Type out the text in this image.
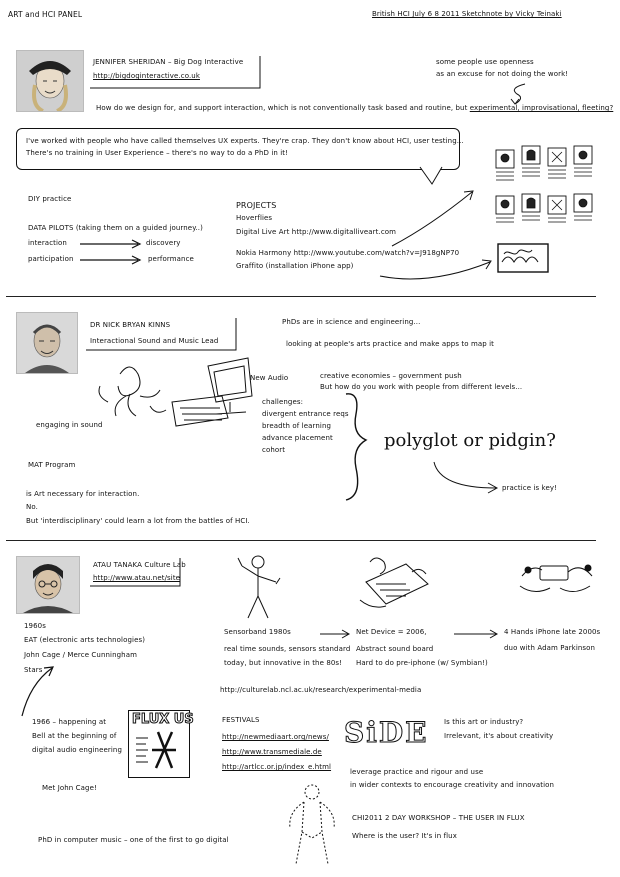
ART and HCI PANEL	British HCI July 6 8 2011 Sketchnote by Vicky Teinaki
JENNIFER SHERIDAN – Big Dog Interactive
http://bigdoginteractive.co.uk
some people use openness
as an excuse for not doing the work!
How do we design for, and support interaction, which is not conventionally task based and routine, but experimental, improvisational, fleeting?
I've worked with people who have called themselves UX experts. They're crap. They don't know about HCI, user testing...
There's no training in User Experience – there's no way to do a PhD in it!
DIY practice
DATA PILOTS (taking them on a guided journey..)
interaction	discovery
participation	performance
PROJECTS
Hoverflies
Digital Live Art http://www.digitalliveart.com
Nokia Harmony http://www.youtube.com/watch?v=J918gNP70
Graffito (installation iPhone app)
DR NICK BRYAN KINNS
Interactional Sound and Music Lead
PhDs are in science and engineering...
looking at people's arts practice and make apps to map it
New Audio	creative economies – government push
But how do you work with people from different levels...
engaging in sound
challenges:
divergent entrance reqs
breadth of learning
advance placement
cohort	polyglot or pidgin?
practice is key!
MAT Program
is Art necessary for interaction.
No.
But 'interdisciplinary' could learn a lot from the battles of HCI.
ATAU TANAKA Culture Lab
http://www.atau.net/site
1960s
EAT (electronic arts technologies)
John Cage / Merce Cunningham
Stars
Sensorband 1980s
real time sounds, sensors standard
today, but innovative in the 80s!
Net Device = 2006,
Abstract sound board
Hard to do pre-iphone (w/ Symbian!)
4 Hands iPhone late 2000s
duo with Adam Parkinson
http://culturelab.ncl.ac.uk/research/experimental-media
1966 – happening at
Bell at the beginning of
digital audio engineering
Met John Cage!
FLUX US	FESTIVALS
http://newmediaart.org/news/
http://www.transmediale.de
http://artlcc.or.jp/index_e.html
SiDE Is this art or industry?
Irrelevant, it's about creativity
leverage practice and rigour and use
in wider contexts to encourage creativity and innovation
CHI2011 2 DAY WORKSHOP – THE USER IN FLUX
Where is the user? It's in flux
PhD in computer music – one of the first to go digital
